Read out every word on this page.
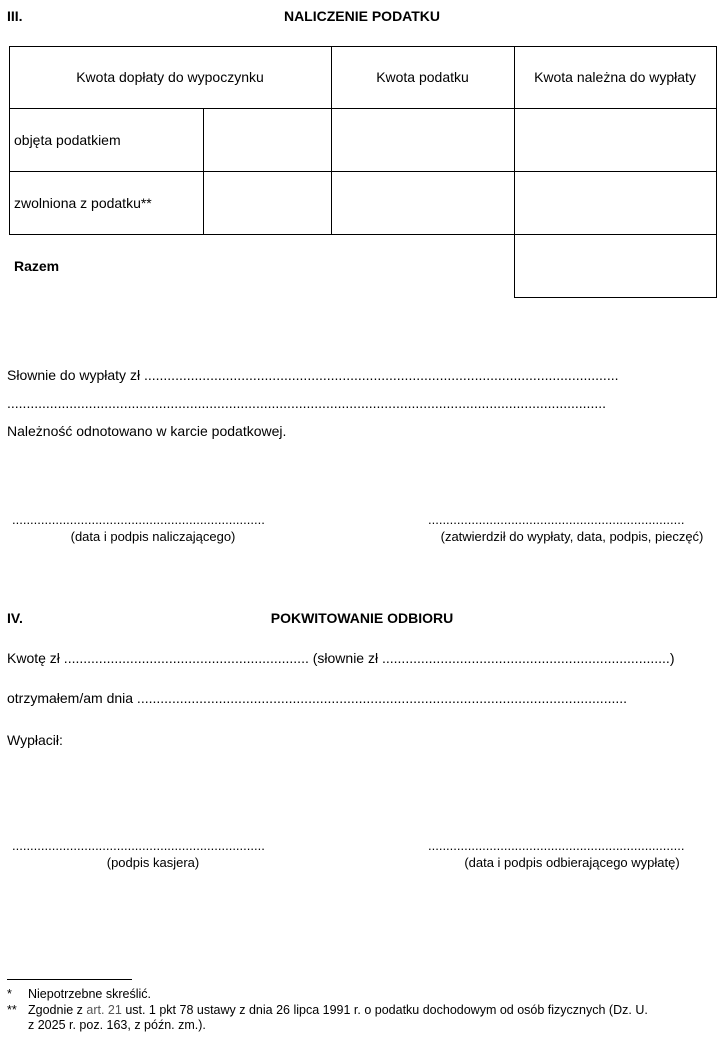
III.	NALICZENIE PODATKU
Kwota dopłaty do wypoczynku	Kwota podatku	Kwota należna do wypłaty
objęta podatkiem
zwolniona z podatku**
Razem
Słownie do wypłaty zł ..........................................................................................................................
..........................................................................................................................................................
Należność odnotowano w karcie podatkowej.
......................................................................
(data i podpis naliczającego)
.......................................................................
(zatwierdził do wypłaty, data, podpis, pieczęć)
IV.	POKWITOWANIE ODBIORU
Kwotę zł ............................................................... (słownie zł ..........................................................................)
otrzymałem/am dnia ..............................................................................................................................
Wypłacił:
......................................................................
(podpis kasjera)
.......................................................................
(data i podpis odbierającego wypłatę)
* Niepotrzebne skreślić.
** Zgodnie z art. 21 ust. 1 pkt 78 ustawy z dnia 26 lipca 1991 r. o podatku dochodowym od osób fizycznych (Dz. U.
z 2025 r. poz. 163, z późn. zm.).
